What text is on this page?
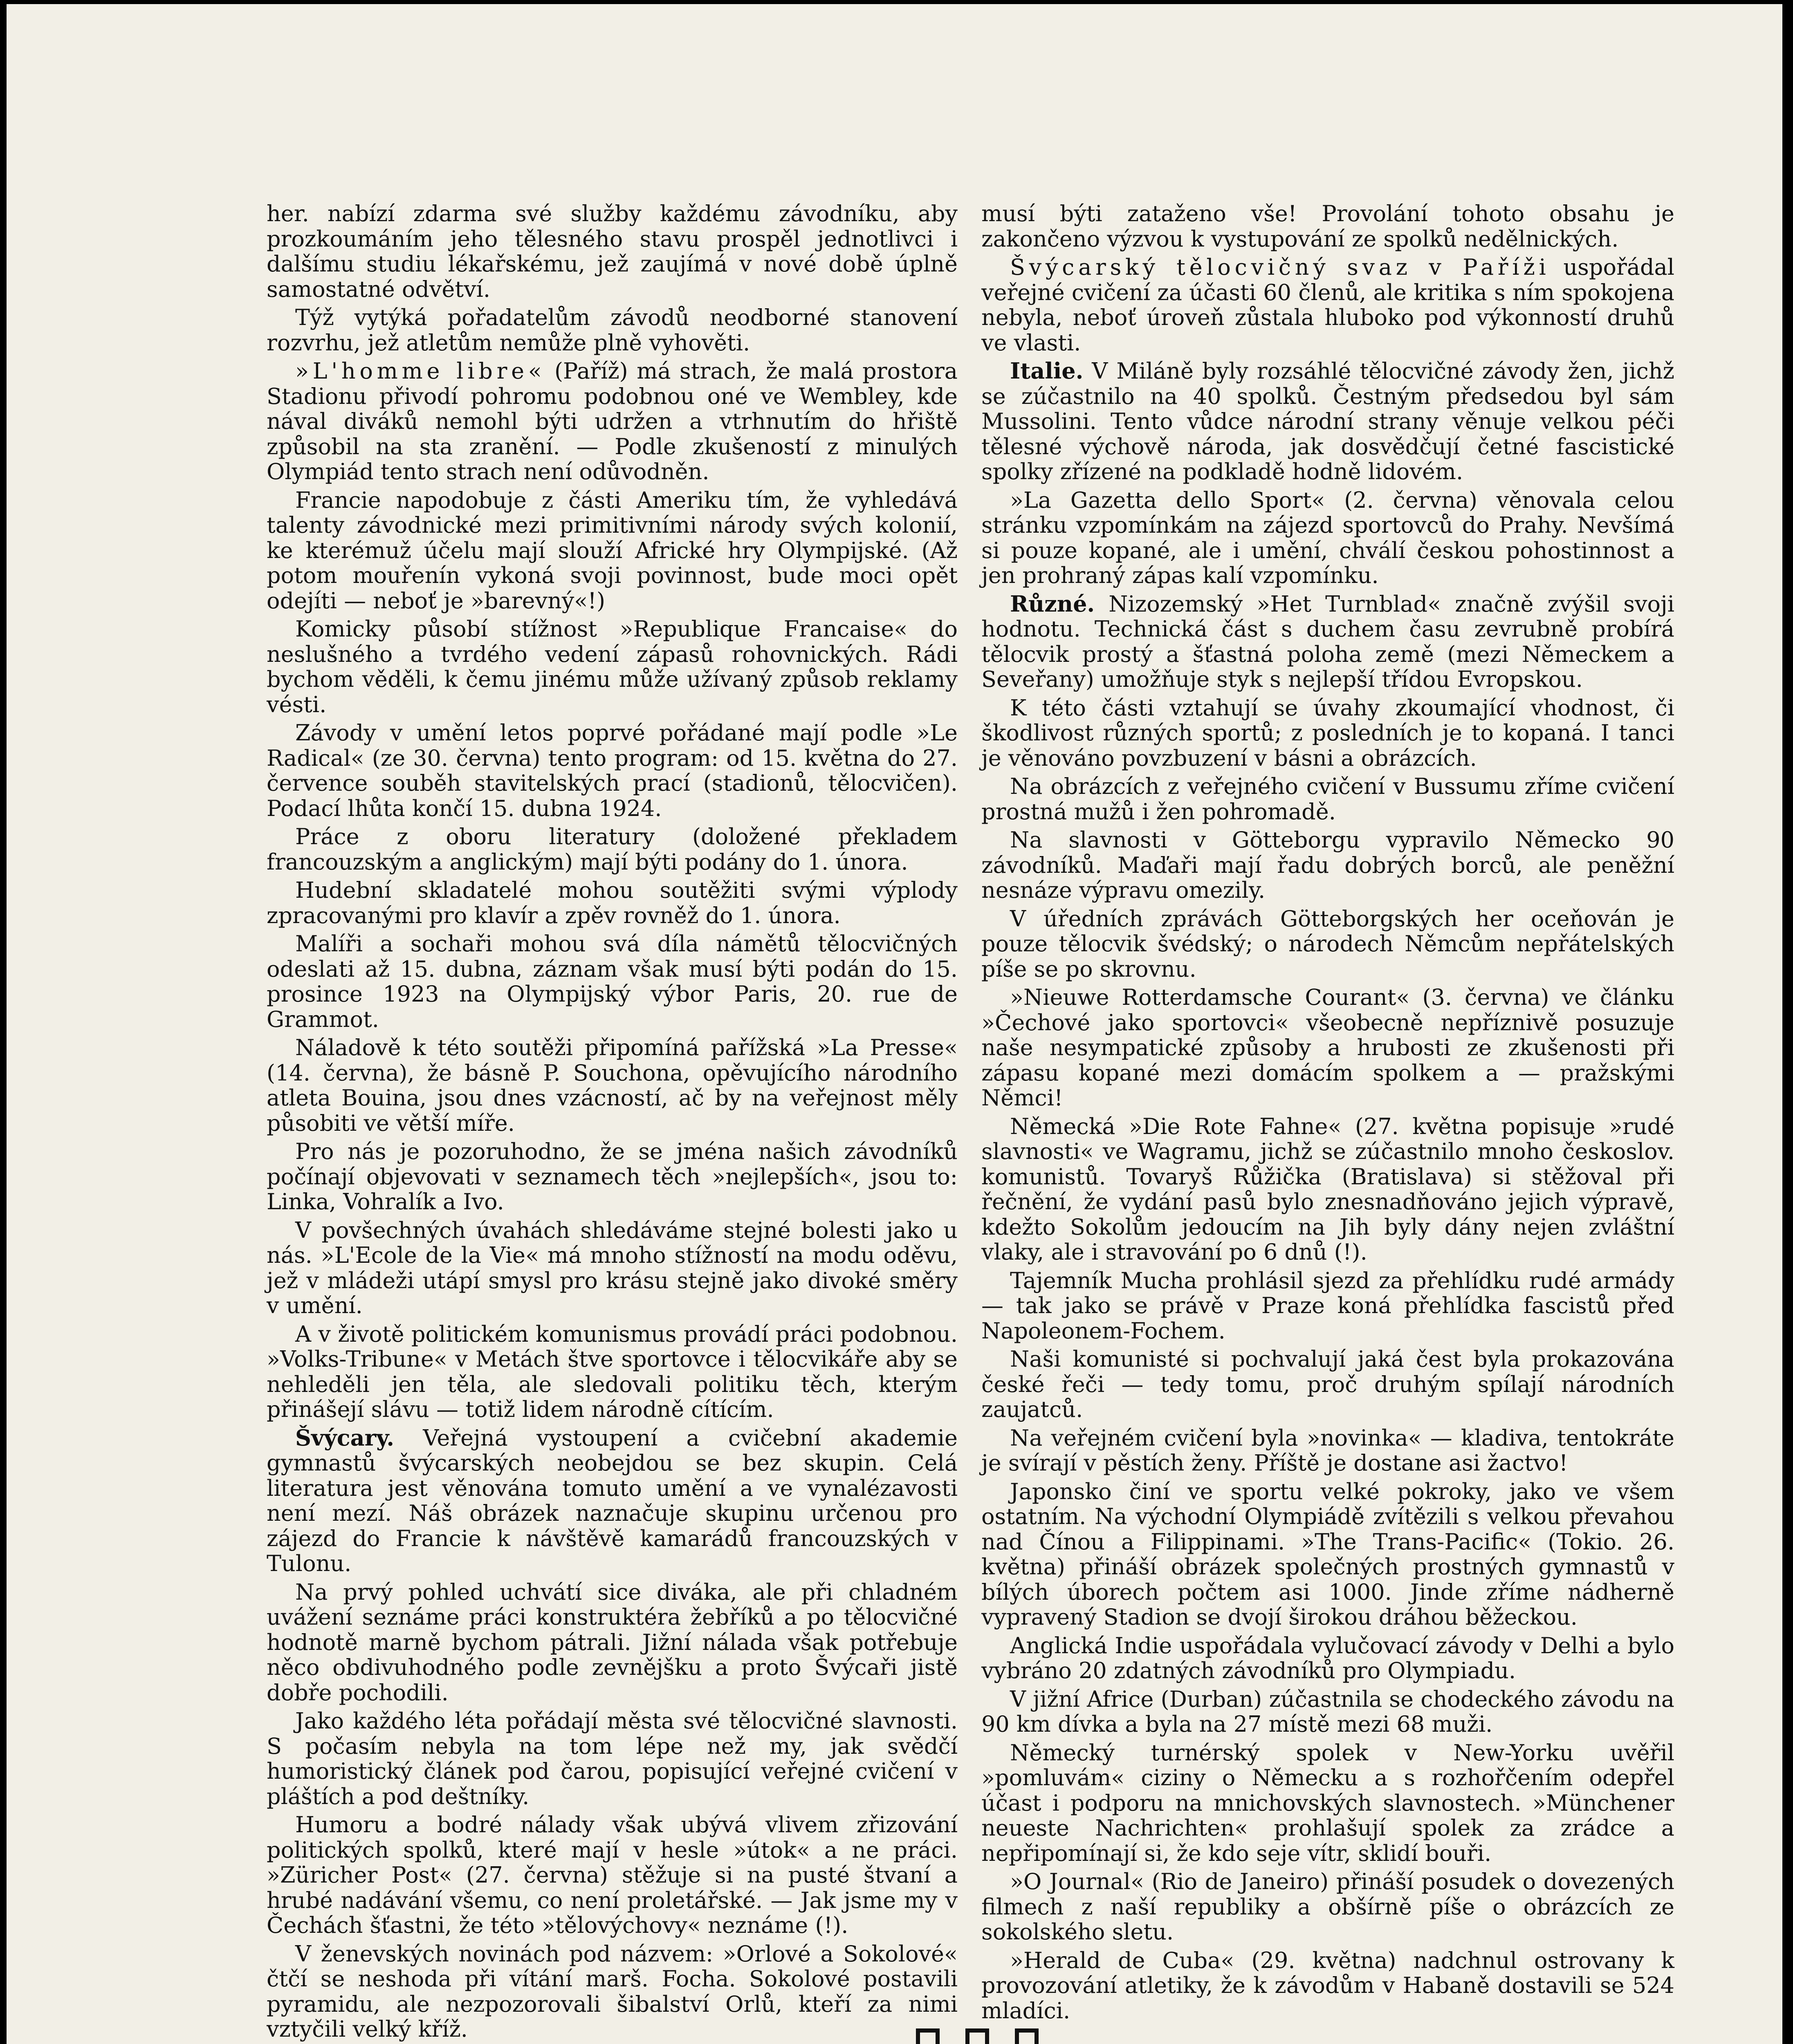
her. nabízí zdarma své služby každému závodníku, aby prozkoumáním jeho tělesného stavu prospěl jednotlivci i dalšímu studiu lékařskému, jež zaujímá v nové době úplně samostatné odvětví.

Týž vytýká pořadatelům závodů neodborné stanovení rozvrhu, jež atletům nemůže plně vyhověti.

»L'homme libre« (Paříž) má strach, že malá prostora Stadionu přivodí pohromu podobnou oné ve Wembley, kde nával diváků nemohl býti udržen a vtrhnutím do hřiště způsobil na sta zranění. — Podle zkušeností z minulých Olympiád tento strach není odůvodněn.

Francie napodobuje z části Ameriku tím, že vyhledává talenty závodnické mezi primitivními národy svých kolonií, ke kterémuž účelu mají slouží Africké hry Olympijské. (Až potom mouřenín vykoná svoji povinnost, bude moci opět odejíti — neboť je »barevný«!)

Komicky působí stížnost »Republique Francaise« do neslušného a tvrdého vedení zápasů rohovnických. Rádi bychom věděli, k čemu jinému může užívaný způsob reklamy vésti.

Závody v umění letos poprvé pořádané mají podle »Le Radical« (ze 30. června) tento program: od 15. května do 27. července souběh stavitelských prací (stadionů, tělocvičen). Podací lhůta končí 15. dubna 1924.

Práce z oboru literatury (doložené překladem francouzským a anglickým) mají býti podány do 1. února.

Hudební skladatelé mohou soutěžiti svými výplody zpracovanými pro klavír a zpěv rovněž do 1. února.

Malíři a sochaři mohou svá díla námětů tělocvičných odeslati až 15. dubna, záznam však musí býti podán do 15. prosince 1923 na Olympijský výbor Paris, 20. rue de Grammot.

Náladově k této soutěži připomíná pařížská »La Presse« (14. června), že básně P. Souchona, opěvujícího národního atleta Bouina, jsou dnes vzácností, ač by na veřejnost měly působiti ve větší míře.

Pro nás je pozoruhodno, že se jména našich závodníků počínají objevovati v seznamech těch »nejlepších«, jsou to: Linka, Vohralík a Ivo.

V povšechných úvahách shledáváme stejné bolesti jako u nás. »L'Ecole de la Vie« má mnoho stížností na modu oděvu, jež v mládeži utápí smysl pro krásu stejně jako divoké směry v umění.

A v životě politickém komunismus provádí práci podobnou. »Volks-Tribune« v Metách štve sportovce i tělocvikáře aby se nehleděli jen těla, ale sledovali politiku těch, kterým přinášejí slávu — totiž lidem národně cítícím.

Švýcary. Veřejná vystoupení a cvičební akademie gymnastů švýcarských neobejdou se bez skupin. Celá literatura jest věnována tomuto umění a ve vynalézavosti není mezí. Náš obrázek naznačuje skupinu určenou pro zájezd do Francie k návštěvě kamarádů francouzských v Tulonu.

Na prvý pohled uchvátí sice diváka, ale při chladném uvážení seznáme práci konstruktéra žebříků a po tělocvičné hodnotě marně bychom pátrali. Jižní nálada však potřebuje něco obdivuhodného podle zevnějšku a proto Švýcaři jistě dobře pochodili.

Jako každého léta pořádají města své tělocvičné slavnosti. S počasím nebyla na tom lépe než my, jak svědčí humoristický článek pod čarou, popisující veřejné cvičení v pláštích a pod deštníky.

Humoru a bodré nálady však ubývá vlivem zřizování politických spolků, které mají v hesle »útok« a ne práci. »Züricher Post« (27. června) stěžuje si na pusté štvaní a hrubé nadávání všemu, co není proletářské. — Jak jsme my v Čechách šťastni, že této »tělovýchovy« neznáme (!).

V ženevských novinách pod názvem: »Orlové a Sokolové« čtčí se neshoda při vítání marš. Focha. Sokolové postavili pyramidu, ale nezpozorovali šibalství Orlů, kteří za nimi vztyčili velký kříž.

musí býti zataženo vše! Provolání tohoto obsahu je zakončeno výzvou k vystupování ze spolků nedělnických.

Švýcarský tělocvičný svaz v Paříži uspořádal veřejné cvičení za účasti 60 členů, ale kritika s ním spokojena nebyla, neboť úroveň zůstala hluboko pod výkonností druhů ve vlasti.

Italie. V Miláně byly rozsáhlé tělocvičné závody žen, jichž se zúčastnilo na 40 spolků. Čestným předsedou byl sám Mussolini. Tento vůdce národní strany věnuje velkou péči tělesné výchově národa, jak dosvědčují četné fascistické spolky zřízené na podkladě hodně lidovém.

»La Gazetta dello Sport« (2. června) věnovala celou stránku vzpomínkám na zájezd sportovců do Prahy. Nevšímá si pouze kopané, ale i umění, chválí českou pohostinnost a jen prohraný zápas kalí vzpomínku.

Různé. Nizozemský »Het Turnblad« značně zvýšil svoji hodnotu. Technická část s duchem času zevrubně probírá tělocvik prostý a šťastná poloha země (mezi Německem a Seveřany) umožňuje styk s nejlepší třídou Evropskou.

K této části vztahují se úvahy zkoumající vhodnost, či škodlivost různých sportů; z posledních je to kopaná. I tanci je věnováno povzbuzení v básni a obrázcích.

Na obrázcích z veřejného cvičení v Bussumu zříme cvičení prostná mužů i žen pohromadě.

Na slavnosti v Götteborgu vypravilo Německo 90 závodníků. Maďaři mají řadu dobrých borců, ale peněžní nesnáze výpravu omezily.

V úředních zprávách Götteborgských her oceňován je pouze tělocvik švédský; o národech Němcům nepřátelských píše se po skrovnu.

»Nieuwe Rotterdamsche Courant« (3. června) ve článku »Čechové jako sportovci« všeobecně nepříznivě posuzuje naše nesympatické způsoby a hrubosti ze zkušenosti při zápasu kopané mezi domácím spolkem a — pražskými Němci!

Německá »Die Rote Fahne« (27. května popisuje »rudé slavnosti« ve Wagramu, jichž se zúčastnilo mnoho českoslov. komunistů. Tovaryš Růžička (Bratislava) si stěžoval při řečnění, že vydání pasů bylo znesnadňováno jejich výpravě, kdežto Sokolům jedoucím na Jih byly dány nejen zvláštní vlaky, ale i stravování po 6 dnů (!).

Tajemník Mucha prohlásil sjezd za přehlídku rudé armády — tak jako se právě v Praze koná přehlídka fascistů před Napoleonem-Fochem.

Naši komunisté si pochvalují jaká čest byla prokazována české řeči — tedy tomu, proč druhým spílají národních zaujatců.

Na veřejném cvičení byla »novinka« — kladiva, tentokráte je svírají v pěstích ženy. Příště je dostane asi žactvo!

Japonsko činí ve sportu velké pokroky, jako ve všem ostatním. Na východní Olympiádě zvítězili s velkou převahou nad Čínou a Filippinami. »The Trans-Pacific« (Tokio. 26. května) přináší obrázek společných prostných gymnastů v bílých úborech počtem asi 1000. Jinde zříme nádherně vypravený Stadion se dvojí širokou dráhou běžeckou.

Anglická Indie uspořádala vylučovací závody v Delhi a bylo vybráno 20 zdatných závodníků pro Olympiadu.

V jižní Africe (Durban) zúčastnila se chodeckého závodu na 90 km dívka a byla na 27 místě mezi 68 muži.

Německý turnérský spolek v New-Yorku uvěřil »pomluvám« ciziny o Německu a s rozhořčením odepřel účast i podporu na mnichovských slavnostech. »Münchener neueste Nachrichten« prohlašují spolek za zrádce a nepřipomínají si, že kdo seje vítr, sklidí bouři.

»O Journal« (Rio de Janeiro) přináší posudek o dovezených filmech z naší republiky a obšírně píše o obrázcích ze sokolského sletu.

»Herald de Cuba« (29. května) nadchnul ostrovany k provozování atletiky, že k závodům v Habaně dostavili se 524 mladíci.
